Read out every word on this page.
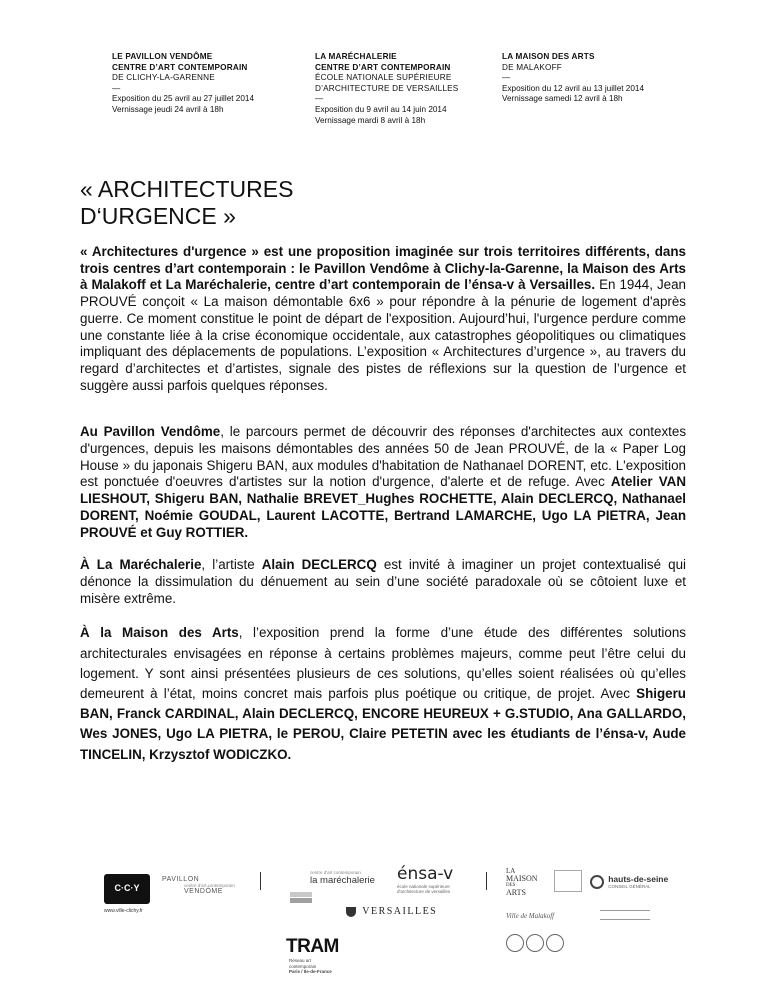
LE PAVILLON VENDÔME
CENTRE D’ART CONTEMPORAIN
DE CLICHY-LA-GARENNE
—
Exposition du 25 avril au 27 juillet 2014
Vernissage jeudi 24 avril à 18h
LA MARÉCHALERIE
CENTRE D’ART CONTEMPORAIN
ÉCOLE NATIONALE SUPÉRIEURE
D’ARCHITECTURE DE VERSAILLES
—
Exposition du 9 avril au 14 juin 2014
Vernissage mardi 8 avril à 18h
LA MAISON DES ARTS
DE MALAKOFF
—
Exposition du 12 avril au 13 juillet 2014
Vernissage samedi 12 avril à 18h
« ARCHITECTURES
D‘URGENCE »

« Architectures d'urgence » est une proposition imaginée sur trois territoires différents, dans trois centres d’art contemporain : le Pavillon Vendôme à Clichy-la-Garenne, la Maison des Arts à Malakoff et La Maréchalerie, centre d’art contemporain de l’énsa-v à Versailles. En 1944, Jean PROUVÉ conçoit « La maison démontable 6x6 » pour répondre à la pénurie de logement d'après guerre. Ce moment constitue le point de départ de l'exposition. Aujourd’hui, l'urgence perdure comme une constante liée à la crise économique occidentale, aux catastrophes géopolitiques ou climatiques impliquant des déplacements de populations. L’exposition « Architectures d’urgence », au travers du regard d’architectes et d’artistes, signale des pistes de réflexions sur la question de l’urgence et suggère aussi parfois quelques réponses.

Au Pavillon Vendôme, le parcours permet de découvrir des réponses d'architectes aux contextes d'urgences, depuis les maisons démontables des années 50 de Jean PROUVÉ, de la « Paper Log House » du japonais Shigeru BAN, aux modules d'habitation de Nathanael DORENT, etc. L'exposition est ponctuée d'oeuvres d'artistes sur la notion d'urgence, d'alerte et de refuge. Avec Atelier VAN LIESHOUT, Shigeru BAN, Nathalie BREVET_Hughes ROCHETTE, Alain DECLERCQ, Nathanael DORENT, Noémie GOUDAL, Laurent LACOTTE, Bertrand LAMARCHE, Ugo LA PIETRA, Jean PROUVÉ et Guy ROTTIER.

À La Maréchalerie, l’artiste Alain DECLERCQ est invité à imaginer un projet contextualisé qui dénonce la dissimulation du dénuement au sein d’une société paradoxale où se côtoient luxe et misère extrême.

À la Maison des Arts, l’exposition prend la forme d’une étude des différentes solutions architecturales envisagées en réponse à certains problèmes majeurs, comme peut l’être celui du logement. Y sont ainsi présentées plusieurs de ces solutions, qu’elles soient réalisées où qu’elles demeurent à l’état, moins concret mais parfois plus poétique ou critique, de projet. Avec Shigeru BAN, Franck CARDINAL, Alain DECLERCQ, ENCORE HEUREUX + G.STUDIO, Ana GALLARDO, Wes JONES, Ugo LA PIETRA, le PEROU, Claire PETETIN avec les étudiants de l’énsa-v, Aude TINCELIN, Krzysztof WODICZKO.

C·C·Y
www.ville-clichy.fr
PAVILLON
centre d'art contemporain
VENDÔME
centre d'art contemporain
la maréchalerie	énsa-v
école nationale supérieure
d'architecture de versailles
VERSAILLES
TRAM
Réseau art
contemporain
Paris / Ile-de-France
LA
MAISON
DES
ARTS

hauts-de-seine
CONSEIL GÉNÉRAL
Ville de Malakoff
